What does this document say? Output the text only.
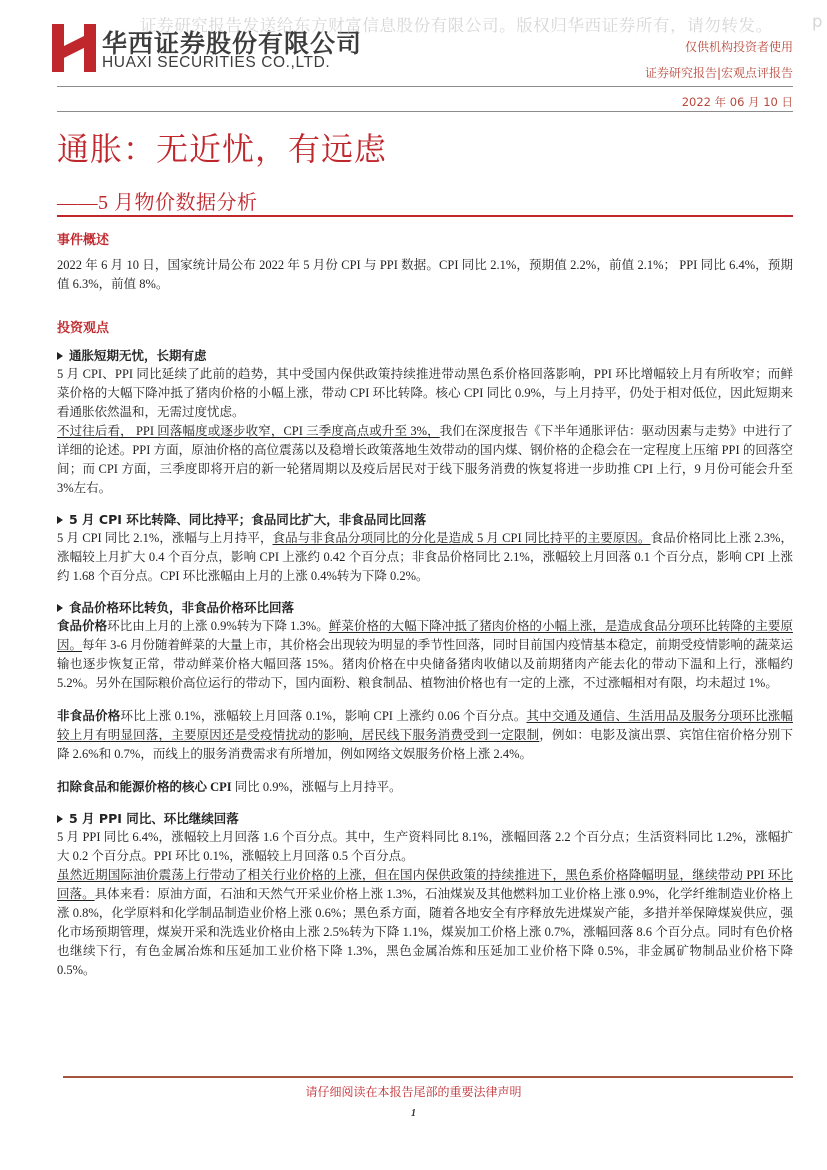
证券研究报告发送给东方财富信息股份有限公司。版权归华西证券所有，请勿转发。 p
华西证券股份有限公司
HUAXI SECURITIES CO.,LTD.
仅供机构投资者使用
证券研究报告|宏观点评报告
2022 年 06 月 10 日
通胀：无近忧，有远虑
——5 月物价数据分析
事件概述

2022 年 6 月 10 日，国家统计局公布 2022 年 5 月份 CPI 与 PPI 数据。CPI 同比 2.1%，预期值 2.2%，前值 2.1%； PPI 同比 6.4%，预期值 6.3%，前值 8%。

投资观点
通胀短期无忧，长期有虑

5 月 CPI、PPI 同比延续了此前的趋势，其中受国内保供政策持续推进带动黑色系价格回落影响，PPI 环比增幅较上月有所收窄；而鲜菜价格的大幅下降冲抵了猪肉价格的小幅上涨，带动 CPI 环比转降。核心 CPI 同比 0.9%，与上月持平，仍处于相对低位，因此短期来看通胀依然温和，无需过度忧虑。

不过往后看， PPI 回落幅度或逐步收窄，CPI 三季度高点或升至 3%，我们在深度报告《下半年通胀评估：驱动因素与走势》中进行了详细的论述。PPI 方面，原油价格的高位震荡以及稳增长政策落地生效带动的国内煤、钢价格的企稳会在一定程度上压缩 PPI 的回落空间；而 CPI 方面，三季度即将开启的新一轮猪周期以及疫后居民对于线下服务消费的恢复将进一步助推 CPI 上行，9 月份可能会升至 3%左右。

5 月 CPI 环比转降、同比持平；食品同比扩大，非食品同比回落

5 月 CPI 同比 2.1%，涨幅与上月持平，食品与非食品分项同比的分化是造成 5 月 CPI 同比持平的主要原因。食品价格同比上涨 2.3%，涨幅较上月扩大 0.4 个百分点，影响 CPI 上涨约 0.42 个百分点；非食品价格同比 2.1%，涨幅较上月回落 0.1 个百分点，影响 CPI 上涨约 1.68 个百分点。CPI 环比涨幅由上月的上涨 0.4%转为下降 0.2%。

食品价格环比转负，非食品价格环比回落

食品价格环比由上月的上涨 0.9%转为下降 1.3%。鲜菜价格的大幅下降冲抵了猪肉价格的小幅上涨，是造成食品分项环比转降的主要原因。每年 3-6 月份随着鲜菜的大量上市，其价格会出现较为明显的季节性回落，同时目前国内疫情基本稳定，前期受疫情影响的蔬菜运输也逐步恢复正常，带动鲜菜价格大幅回落 15%。猪肉价格在中央储备猪肉收储以及前期猪肉产能去化的带动下温和上行，涨幅约 5.2%。另外在国际粮价高位运行的带动下，国内面粉、粮食制品、植物油价格也有一定的上涨，不过涨幅相对有限，均未超过 1%。

非食品价格环比上涨 0.1%，涨幅较上月回落 0.1%，影响 CPI 上涨约 0.06 个百分点。其中交通及通信、生活用品及服务分项环比涨幅较上月有明显回落，主要原因还是受疫情扰动的影响，居民线下服务消费受到一定限制，例如：电影及演出票、宾馆住宿价格分别下降 2.6%和 0.7%，而线上的服务消费需求有所增加，例如网络文娱服务价格上涨 2.4%。

扣除食品和能源价格的核心 CPI 同比 0.9%，涨幅与上月持平。

5 月 PPI 同比、环比继续回落

5 月 PPI 同比 6.4%，涨幅较上月回落 1.6 个百分点。其中，生产资料同比 8.1%，涨幅回落 2.2 个百分点；生活资料同比 1.2%，涨幅扩大 0.2 个百分点。PPI 环比 0.1%，涨幅较上月回落 0.5 个百分点。

虽然近期国际油价震荡上行带动了相关行业价格的上涨，但在国内保供政策的持续推进下，黑色系价格降幅明显，继续带动 PPI 环比回落。具体来看：原油方面，石油和天然气开采业价格上涨 1.3%，石油煤炭及其他燃料加工业价格上涨 0.9%，化学纤维制造业价格上涨 0.8%，化学原料和化学制品制造业价格上涨 0.6%；黑色系方面，随着各地安全有序释放先进煤炭产能，多措并举保障煤炭供应，强化市场预期管理，煤炭开采和洗选业价格由上涨 2.5%转为下降 1.1%，煤炭加工价格上涨 0.7%，涨幅回落 8.6 个百分点。同时有色价格也继续下行，有色金属冶炼和压延加工业价格下降 1.3%，黑色金属冶炼和压延加工业价格下降 0.5%，非金属矿物制品业价格下降 0.5%。

请仔细阅读在本报告尾部的重要法律声明
1
